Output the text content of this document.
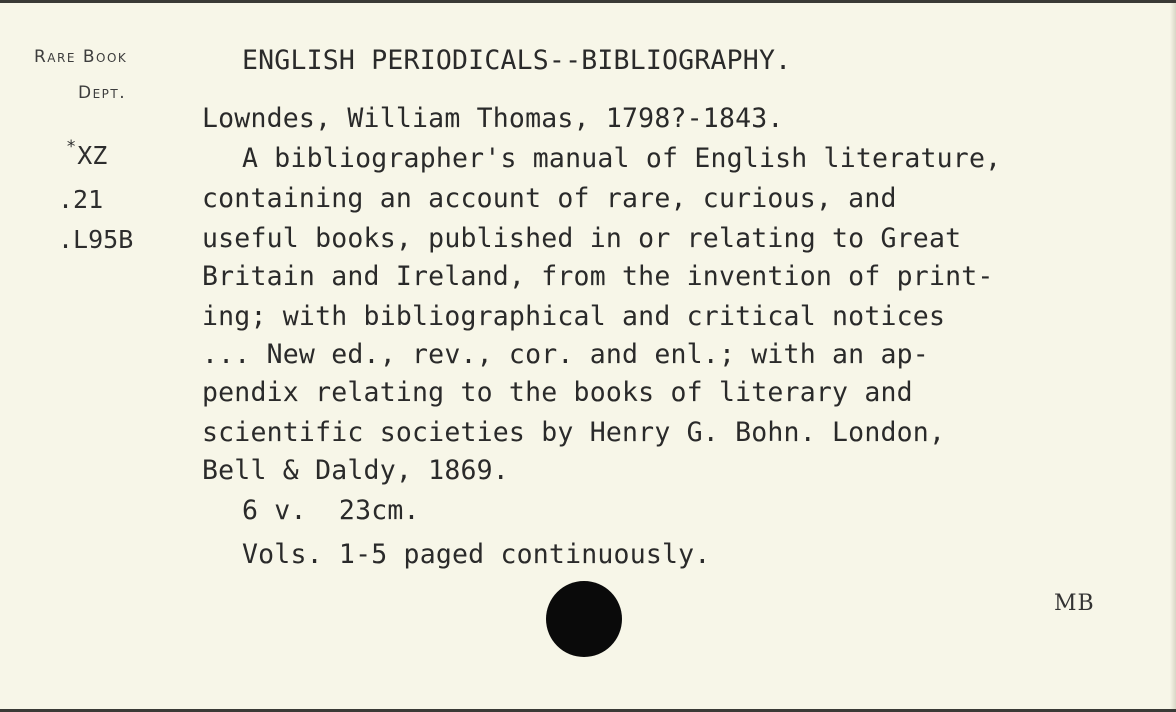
Rare Book
Dept.
*XZ
.21
.L95B
ENGLISH PERIODICALS--BIBLIOGRAPHY.
Lowndes, William Thomas, 1798?-1843.
A bibliographer's manual of English literature,
containing an account of rare, curious, and
useful books, published in or relating to Great
Britain and Ireland, from the invention of print-
ing; with bibliographical and critical notices
... New ed., rev., cor. and enl.; with an ap-
pendix relating to the books of literary and
scientific societies by Henry G. Bohn. London,
Bell & Daldy, 1869.
6 v.  23cm.
Vols. 1-5 paged continuously.
MB
